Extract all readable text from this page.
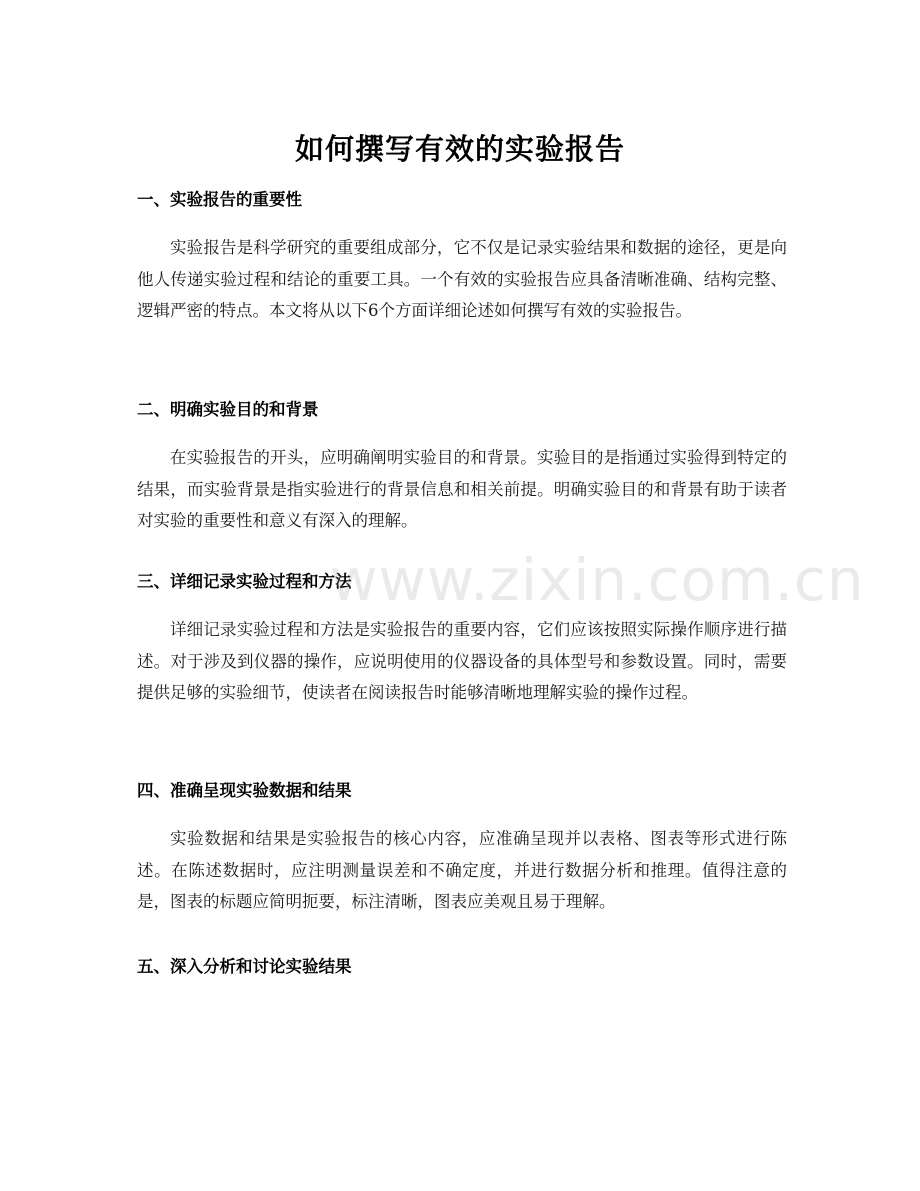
如何撰写有效的实验报告
一、实验报告的重要性

实验报告是科学研究的重要组成部分，它不仅是记录实验结果和数据的途径，更是向他人传递实验过程和结论的重要工具。一个有效的实验报告应具备清晰准确、结构完整、逻辑严密的特点。本文将从以下6个方面详细论述如何撰写有效的实验报告。

二、明确实验目的和背景

在实验报告的开头，应明确阐明实验目的和背景。实验目的是指通过实验得到特定的结果，而实验背景是指实验进行的背景信息和相关前提。明确实验目的和背景有助于读者对实验的重要性和意义有深入的理解。

三、详细记录实验过程和方法

详细记录实验过程和方法是实验报告的重要内容，它们应该按照实际操作顺序进行描述。对于涉及到仪器的操作，应说明使用的仪器设备的具体型号和参数设置。同时，需要提供足够的实验细节，使读者在阅读报告时能够清晰地理解实验的操作过程。

四、准确呈现实验数据和结果

实验数据和结果是实验报告的核心内容，应准确呈现并以表格、图表等形式进行陈述。在陈述数据时，应注明测量误差和不确定度，并进行数据分析和推理。值得注意的是，图表的标题应简明扼要，标注清晰，图表应美观且易于理解。

五、深入分析和讨论实验结果
www.zixin.com.cn
